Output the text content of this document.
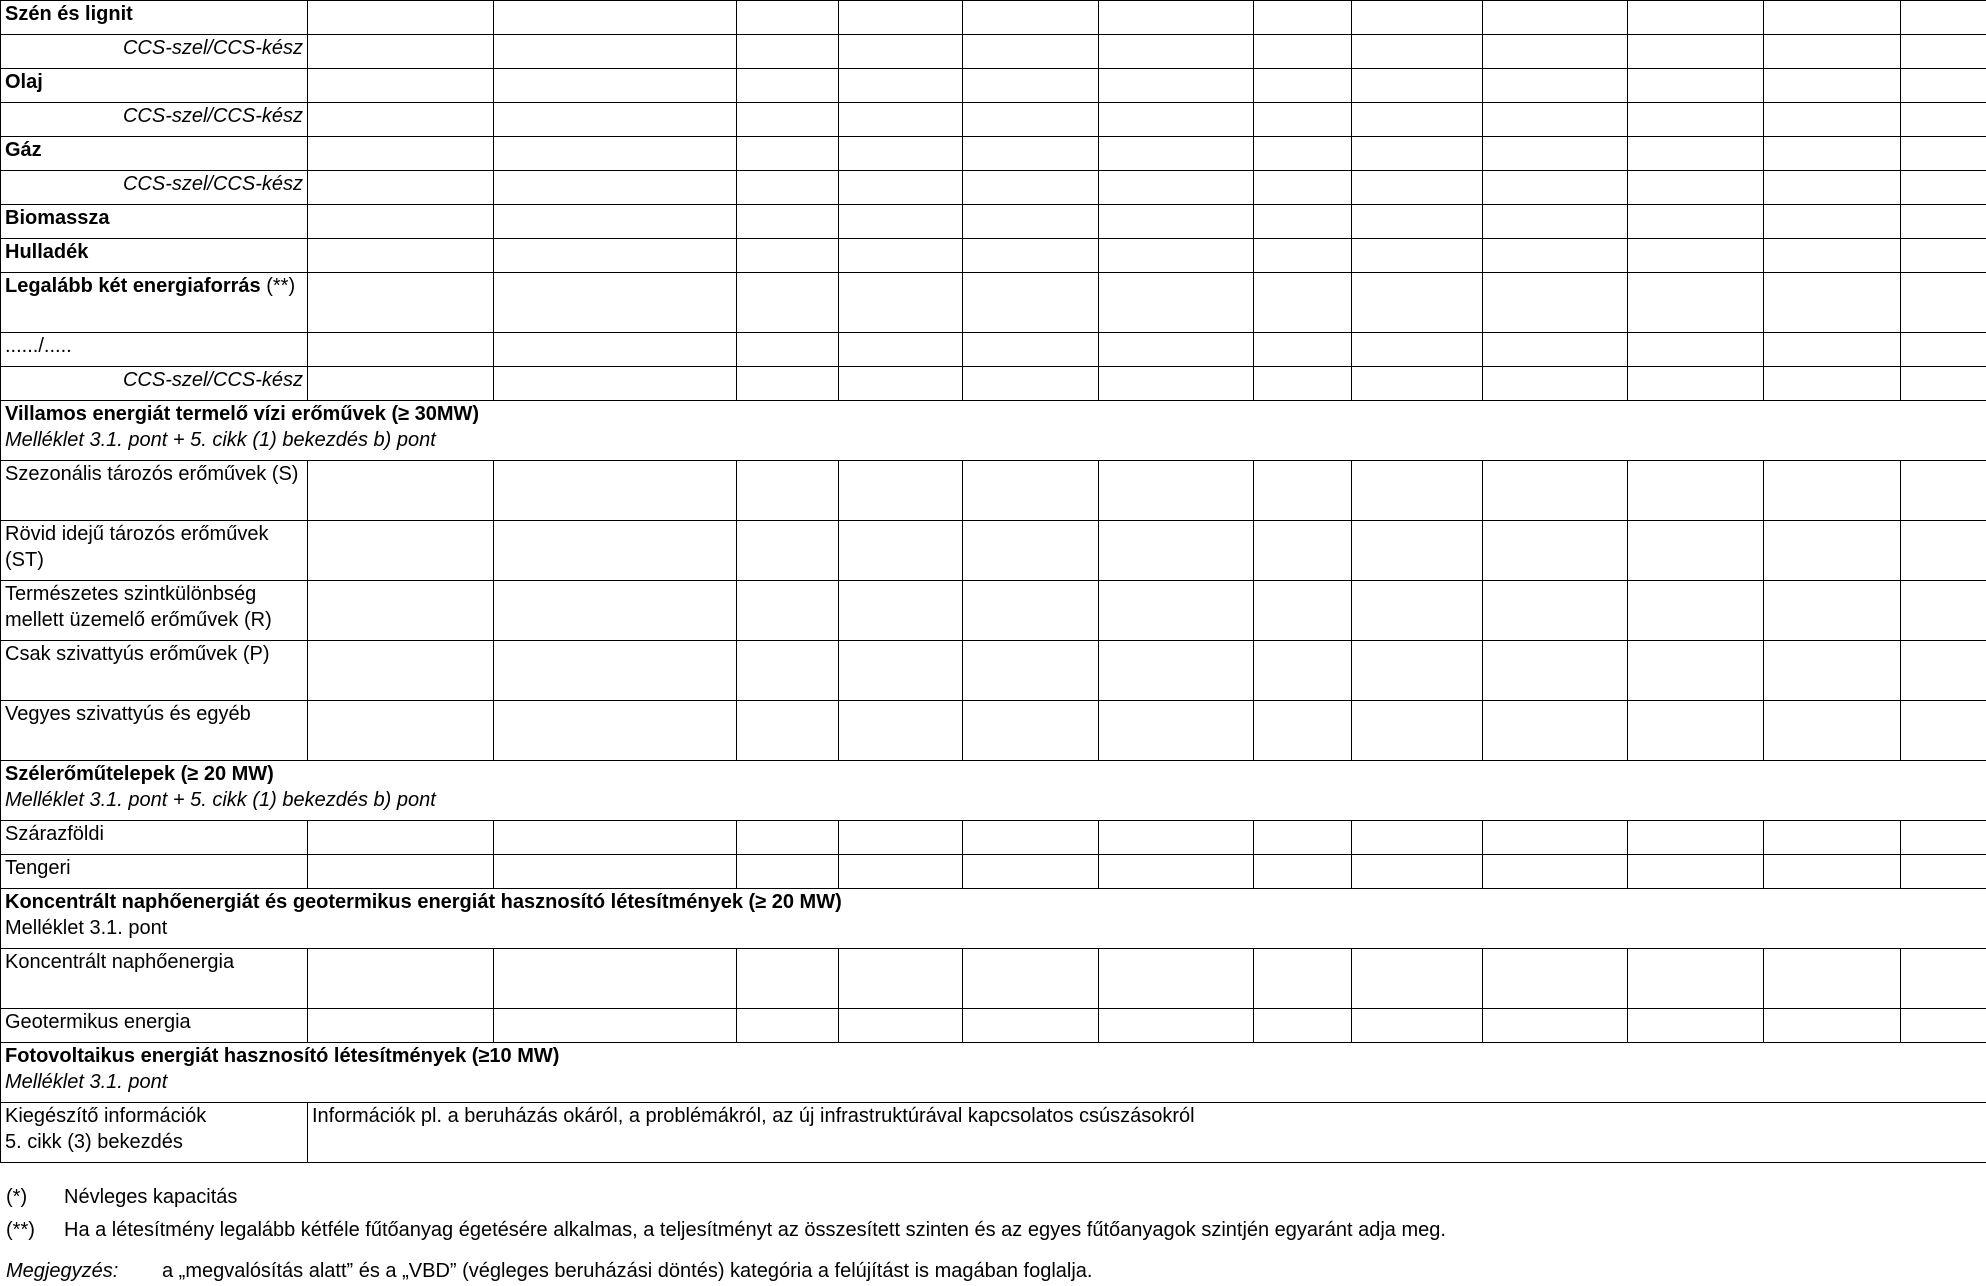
Szén és lignit												
CCS-szel/CCS-kész												
Olaj												
CCS-szel/CCS-kész												
Gáz												
CCS-szel/CCS-kész												
Biomassza												
Hulladék												
Legalább két energiaforrás (**)												
....../.....												
CCS-szel/CCS-kész												

Villamos energiát termelő vízi erőművek (≥ 30MW)
Melléklet 3.1. pont + 5. cikk (1) bekezdés b) pont												

Szezonális tározós erőművek (S)												
Rövid idejű tározós erőművek (ST)												
Természetes szintkülönbség mellett üzemelő erőművek (R)												
Csak szivattyús erőművek (P)												
Vegyes szivattyús és egyéb												

Szélerőműtelepek (≥ 20 MW)
Melléklet 3.1. pont + 5. cikk (1) bekezdés b) pont												

Szárazföldi												
Tengeri												

Koncentrált naphőenergiát és geotermikus energiát hasznosító létesítmények (≥ 20 MW)
Melléklet 3.1. pont												

Koncentrált naphőenergia												
Geotermikus energia												

Fotovoltaikus energiát hasznosító létesítmények (≥10 MW)
Melléklet 3.1. pont												

Kiegészítő információk
5. cikk (3) bekezdés	Információk pl. a beruházás okáról, a problémákról, az új infrastruktúrával kapcsolatos csúszásokról											
(*) Névleges kapacitás
(**) Ha a létesítmény legalább kétféle fűtőanyag égetésére alkalmas, a teljesítményt az összesített szinten és az egyes fűtőanyagok szintjén egyaránt adja meg.
Megjegyzés: a „megvalósítás alatt” és a „VBD” (végleges beruházási döntés) kategória a felújítást is magában foglalja.
